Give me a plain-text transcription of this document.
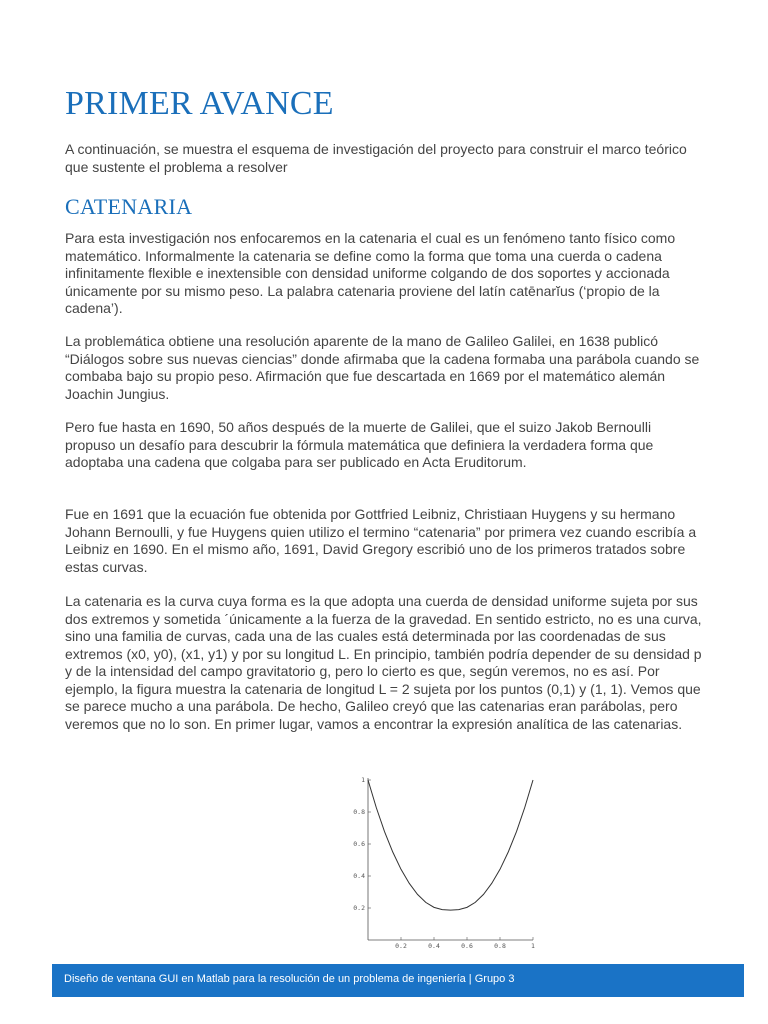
PRIMER AVANCE

A continuación, se muestra el esquema de investigación del proyecto para construir el marco teórico que sustente el problema a resolver

CATENARIA

Para esta investigación nos enfocaremos en la catenaria el cual es un fenómeno tanto físico como matemático. Informalmente la catenaria se define como la forma que toma una cuerda o cadena infinitamente flexible e inextensible con densidad uniforme colgando de dos soportes y accionada únicamente por su mismo peso. La palabra catenaria proviene del latín catēnarĭus (‘propio de la cadena’).

La problemática obtiene una resolución aparente de la mano de Galileo Galilei, en 1638 publicó “Diálogos sobre sus nuevas ciencias” donde afirmaba que la cadena formaba una parábola cuando se combaba bajo su propio peso. Afirmación que fue descartada en 1669 por el matemático alemán Joachin Jungius.

Pero fue hasta en 1690, 50 años después de la muerte de Galilei, que el suizo Jakob Bernoulli propuso un desafío para descubrir la fórmula matemática que definiera la verdadera forma que adoptaba una cadena que colgaba para ser publicado en Acta Eruditorum.

Fue en 1691 que la ecuación fue obtenida por Gottfried Leibniz, Christiaan Huygens y su hermano Johann Bernoulli, y fue Huygens quien utilizo el termino “catenaria” por primera vez cuando escribía a Leibniz en 1690. En el mismo año, 1691, David Gregory escribió uno de los primeros tratados sobre estas curvas.

La catenaria es la curva cuya forma es la que adopta una cuerda de densidad uniforme sujeta por sus dos extremos y sometida ´únicamente a la fuerza de la gravedad. En sentido estricto, no es una curva, sino una familia de curvas, cada una de las cuales está determinada por las coordenadas de sus extremos (x0, y0), (x1, y1) y por su longitud L. En principio, también podría depender de su densidad p y de la intensidad del campo gravitatorio g, pero lo cierto es que, según veremos, no es así. Por ejemplo, la figura muestra la catenaria de longitud L = 2 sujeta por los puntos (0,1) y (1, 1). Vemos que se parece mucho a una parábola. De hecho, Galileo creyó que las catenarias eran parábolas, pero veremos que no lo son. En primer lugar, vamos a encontrar la expresión analítica de las catenarias.

0.2	0.4	0.6	0.8	1
0.2
0.4
0.6
0.8
1
Diseño de ventana GUI en Matlab para la resolución de un problema de ingeniería | Grupo 3
